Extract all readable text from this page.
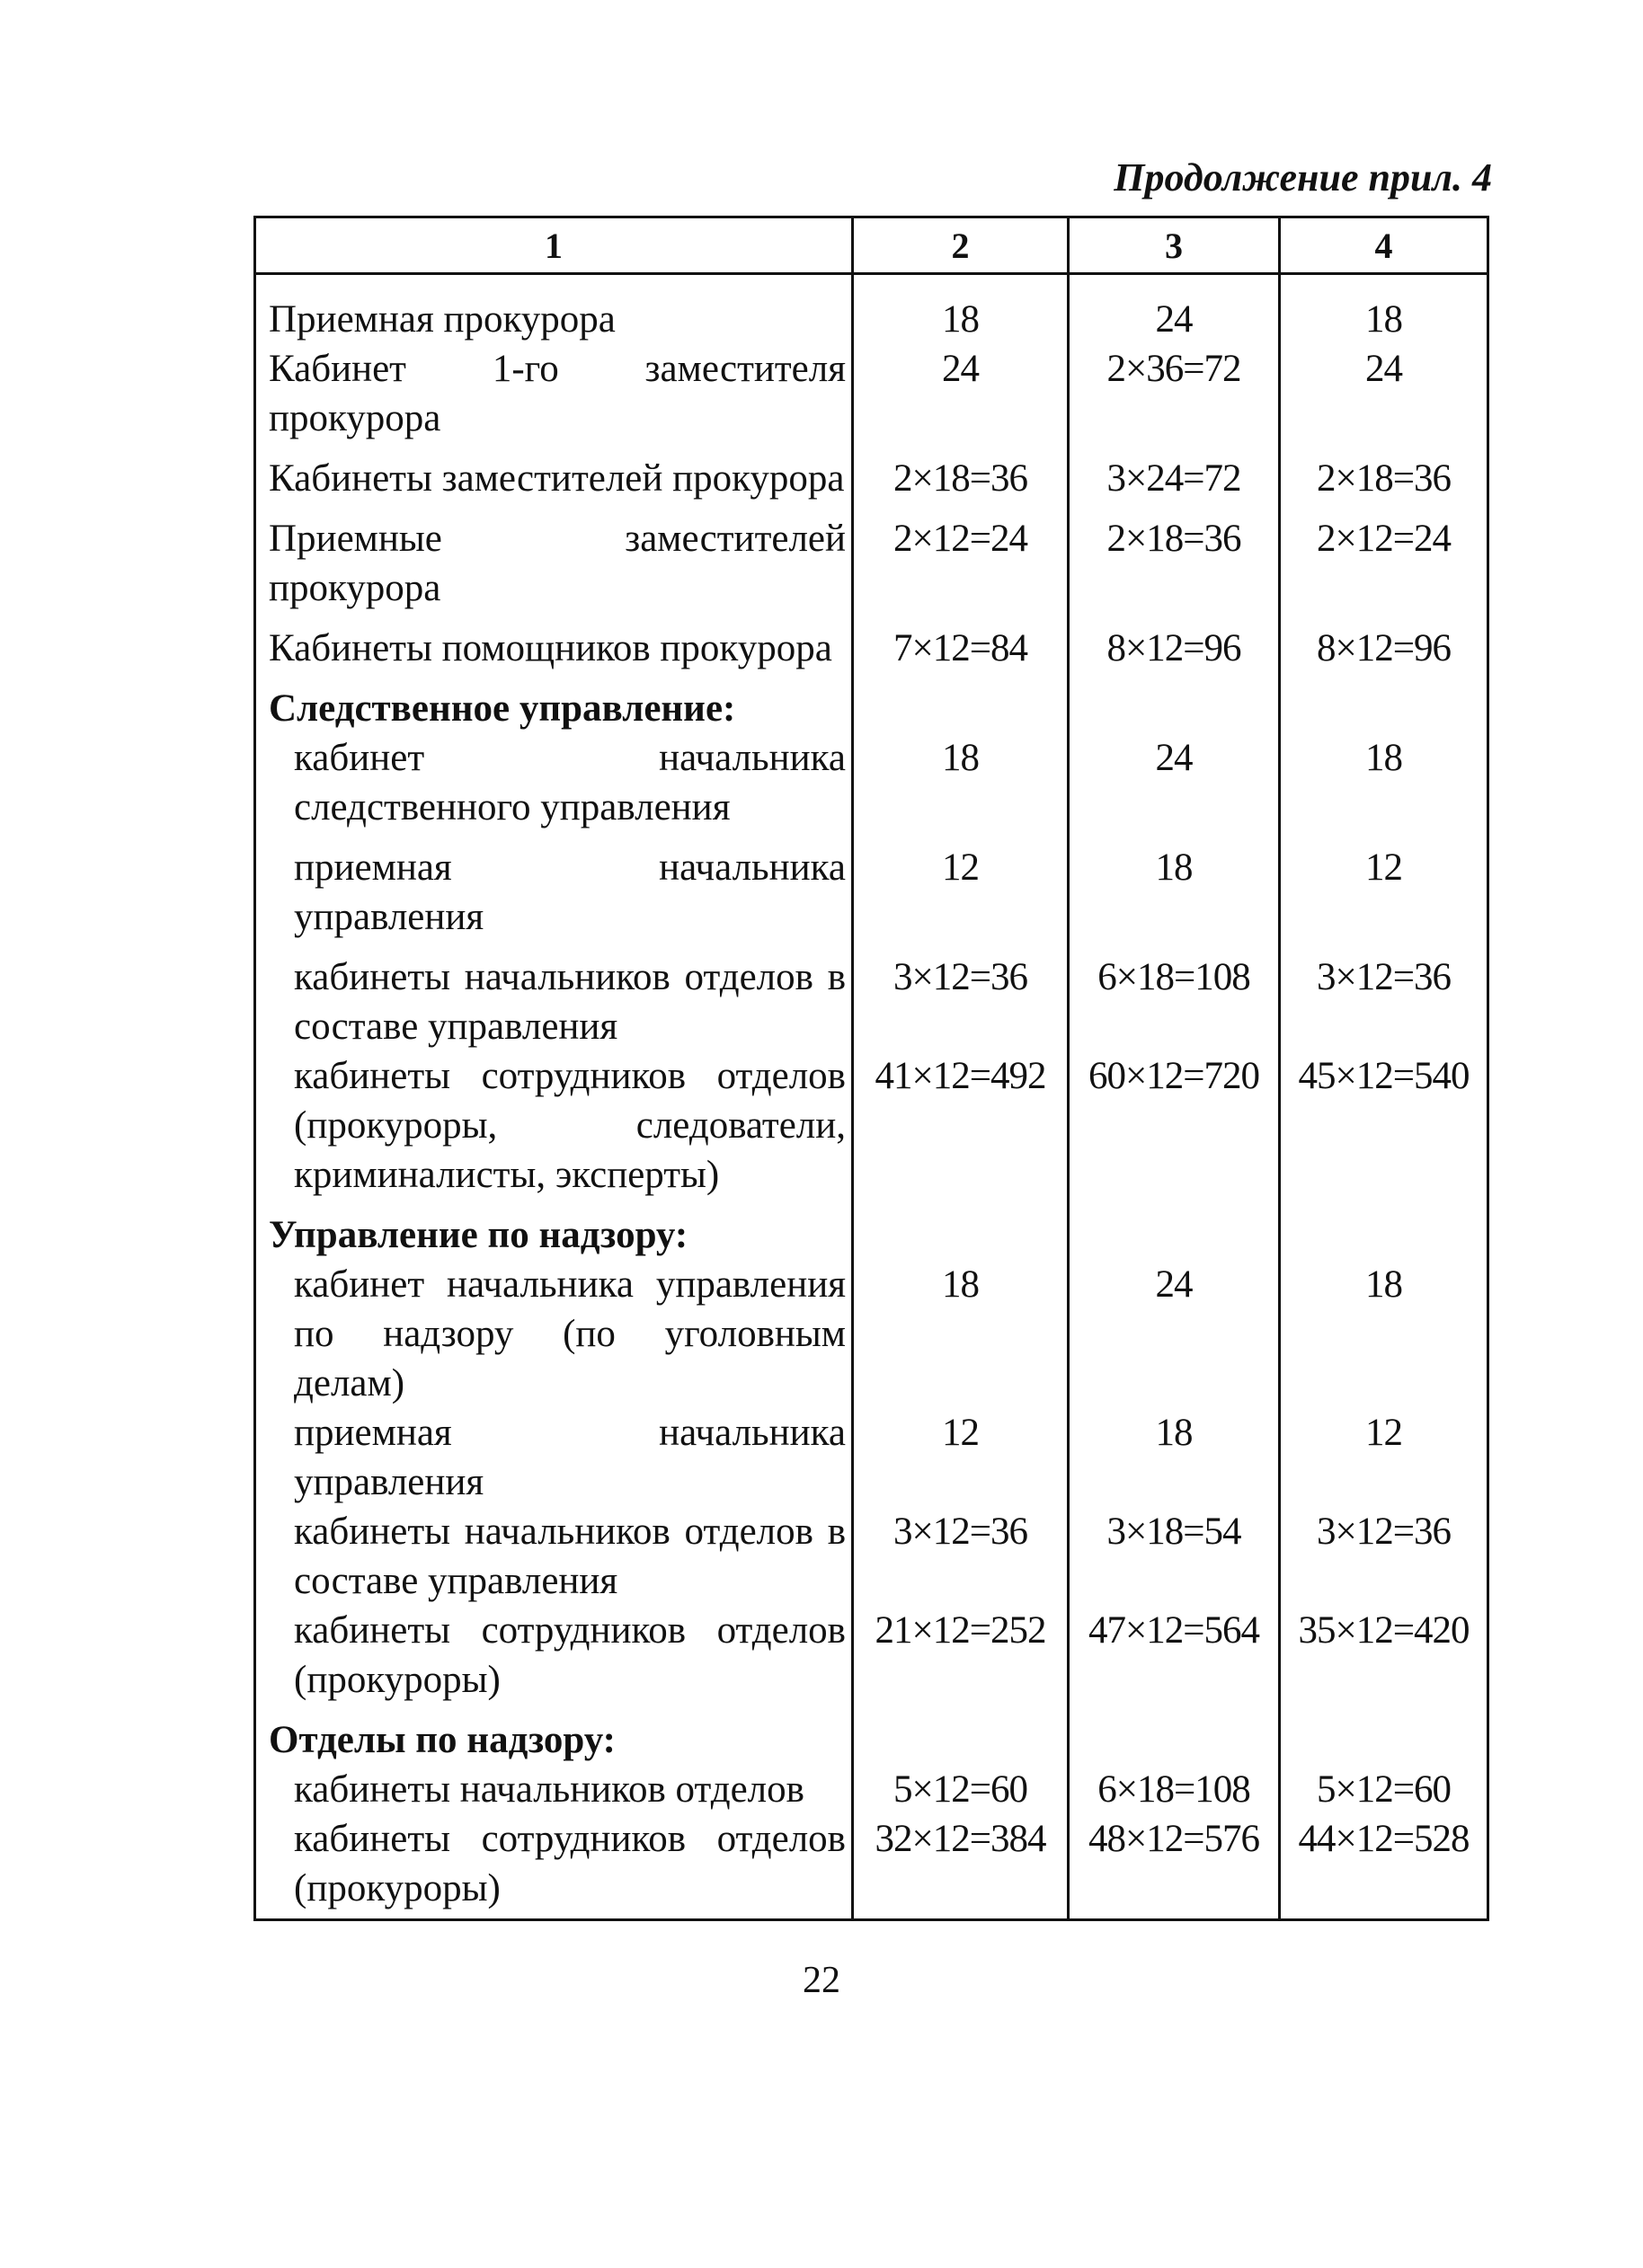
Продолжение прил. 4
1	2	3	4
Приемная прокурора	18	24	18
Кабинет 1-го заместителя прокурора	24	2×36=72	24
Кабинеты заместителей прокурора	2×18=36	3×24=72	2×18=36
Приемные заместителей прокурора	2×12=24	2×18=36	2×12=24
Кабинеты помощников прокурора	7×12=84	8×12=96	8×12=96
Следственное управление:			

кабинет начальника следственного управления	18	24	18

приемная начальника управления	12	18	12

кабинеты начальников отделов в составе управления	3×12=36	6×18=108	3×12=36

кабинеты сотрудников отделов (прокуроры, следователи, криминалисты, эксперты)	41×12=492	60×12=720	45×12=540
Управление по надзору:			

кабинет начальника управления по надзору (по уголовным делам)	18	24	18

приемная начальника управления	12	18	12

кабинеты начальников отделов в составе управления	3×12=36	3×18=54	3×12=36

кабинеты сотрудников отделов (прокуроры)	21×12=252	47×12=564	35×12=420
Отделы по надзору:			

кабинеты начальников отделов	5×12=60	6×18=108	5×12=60

кабинеты сотрудников отделов (прокуроры)	32×12=384	48×12=576	44×12=528
22
